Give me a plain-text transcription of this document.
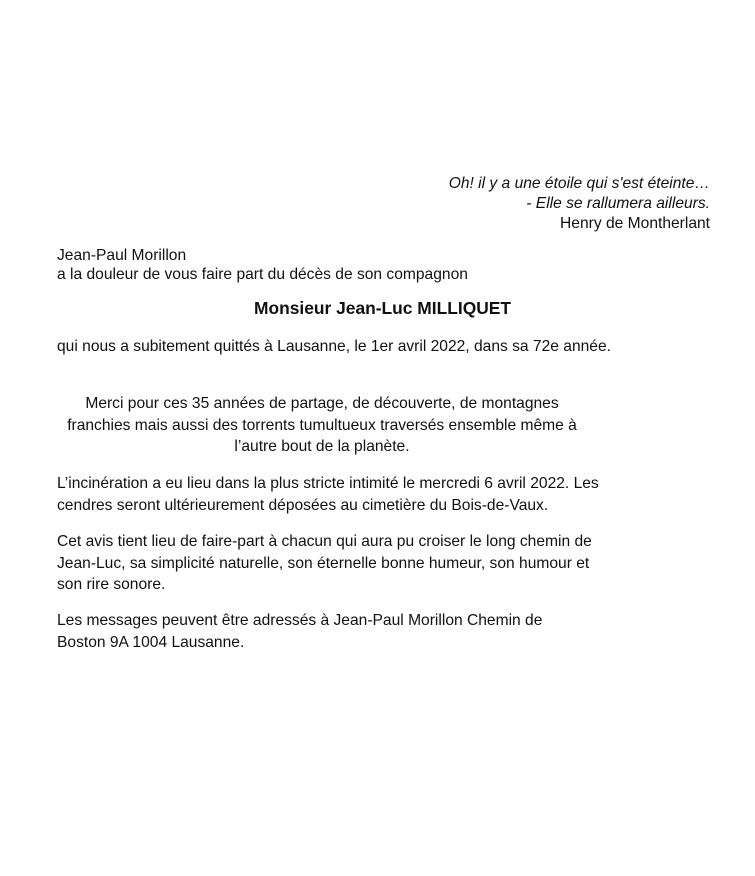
Oh! il y a une étoile qui s'est éteinte…
- Elle se rallumera ailleurs.
Henry de Montherlant
Jean-Paul Morillon
a la douleur de vous faire part du décès de son compagnon
Monsieur Jean-Luc MILLIQUET
qui nous a subitement quittés à Lausanne, le 1er avril 2022, dans sa 72e année.
Merci pour ces 35 années de partage, de découverte, de montagnes franchies mais aussi des torrents tumultueux traversés ensemble même à l’autre bout de la planète.
L’incinération a eu lieu dans la plus stricte intimité le mercredi 6 avril 2022. Les cendres seront ultérieurement déposées au cimetière du Bois-de-Vaux.
Cet avis tient lieu de faire-part à chacun qui aura pu croiser le long chemin de Jean-Luc, sa simplicité naturelle, son éternelle bonne humeur, son humour et son rire sonore.
Les messages peuvent être adressés à Jean-Paul Morillon Chemin de Boston 9A 1004 Lausanne.
